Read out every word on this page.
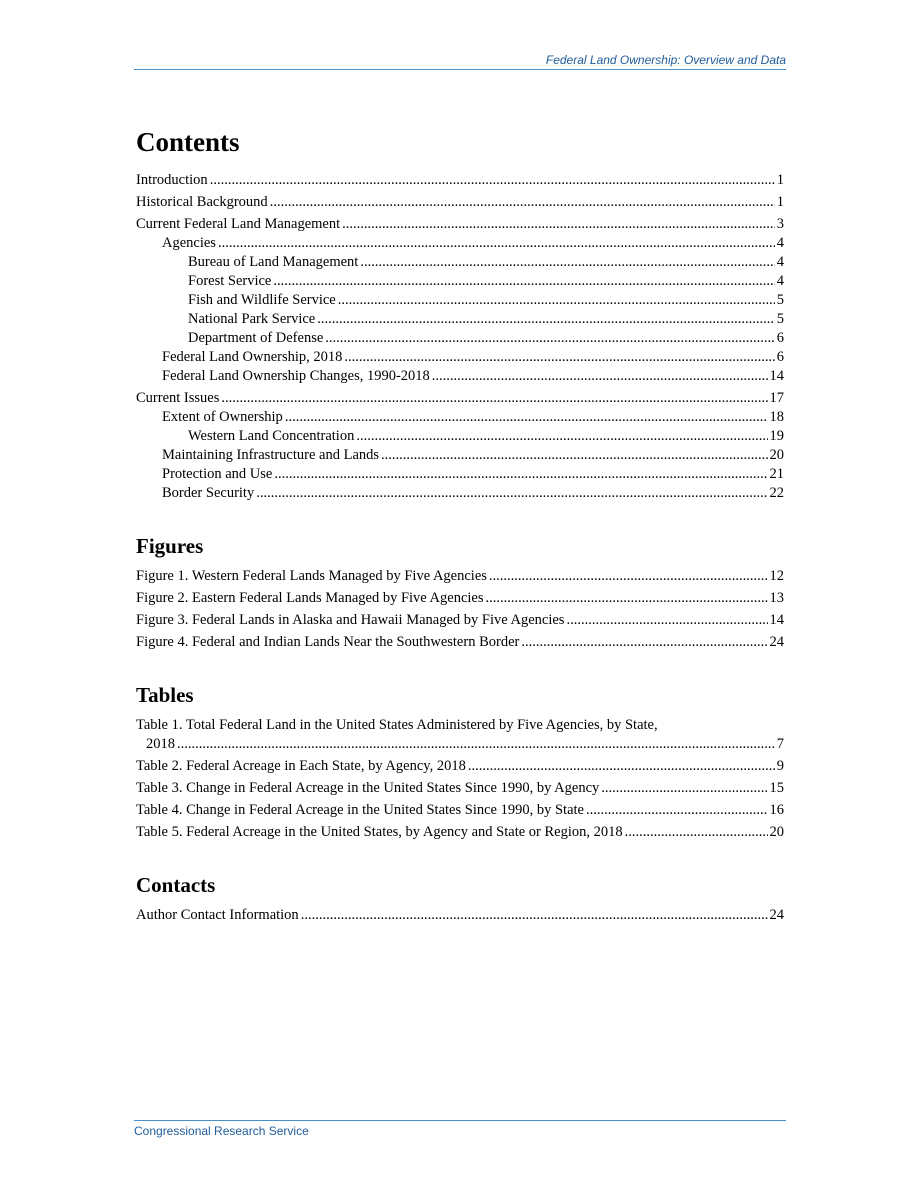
Federal Land Ownership: Overview and Data
Contents
Introduction .....	1
Historical Background .....	1
Current Federal Land Management .....	3
Agencies .....	4
Bureau of Land Management .....	4
Forest Service .....	4
Fish and Wildlife Service .....	5
National Park Service .....	5
Department of Defense .....	6
Federal Land Ownership, 2018 .....	6
Federal Land Ownership Changes, 1990-2018 .....	14
Current Issues .....	17
Extent of Ownership .....	18
Western Land Concentration .....	19
Maintaining Infrastructure and Lands .....	20
Protection and Use .....	21
Border Security .....	22
Figures
Figure 1. Western Federal Lands Managed by Five Agencies .....	12
Figure 2. Eastern Federal Lands Managed by Five Agencies .....	13
Figure 3. Federal Lands in Alaska and Hawaii Managed by Five Agencies .....	14
Figure 4. Federal and Indian Lands Near the Southwestern Border .....	24
Tables
Table 1. Total Federal Land in the United States Administered by Five Agencies, by State,
2018 .....	7
Table 2. Federal Acreage in Each State, by Agency, 2018 .....	9
Table 3. Change in Federal Acreage in the United States Since 1990, by Agency .....	15
Table 4. Change in Federal Acreage in the United States Since 1990, by State .....	16
Table 5. Federal Acreage in the United States, by Agency and State or Region, 2018 .....	20
Contacts
Author Contact Information .....	24
Congressional Research Service
